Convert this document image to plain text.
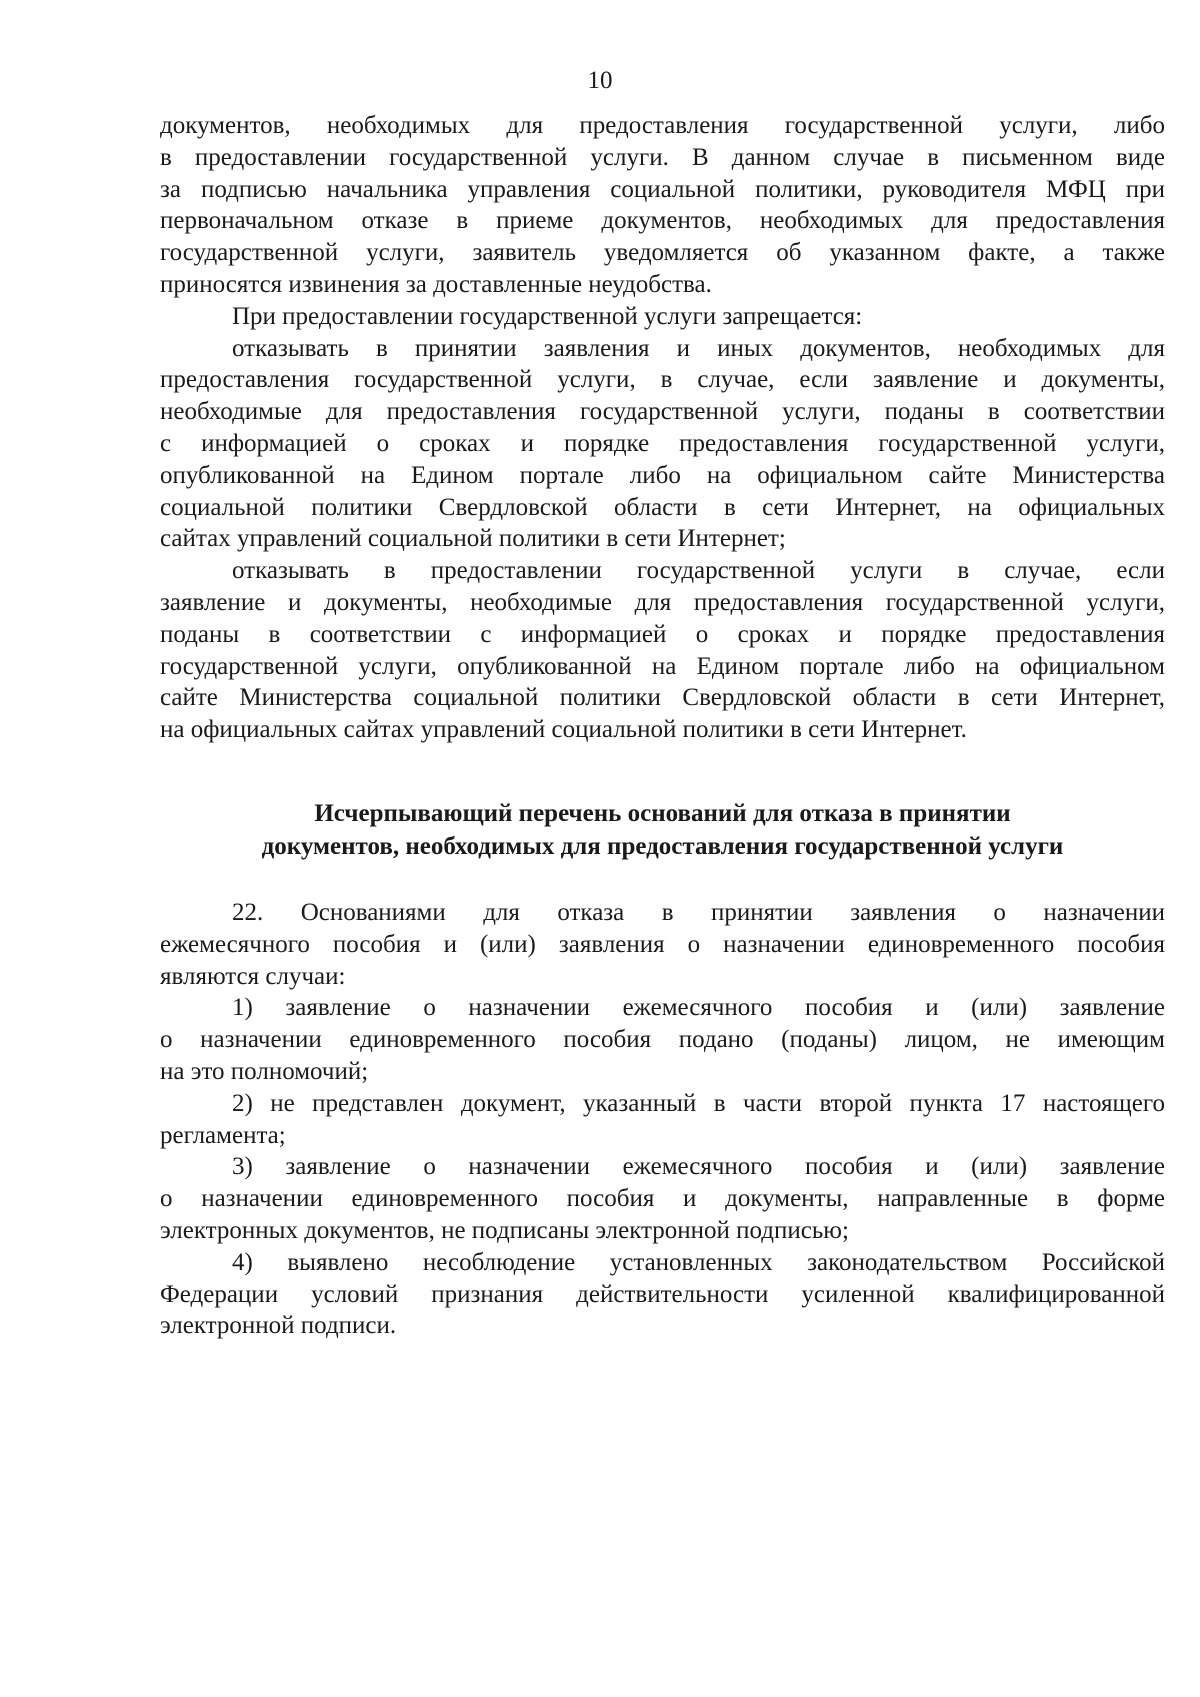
10
документов, необходимых для предоставления государственной услуги, либо
в предоставлении государственной услуги. В данном случае в письменном виде
за подписью начальника управления социальной политики, руководителя МФЦ при
первоначальном отказе в приеме документов, необходимых для предоставления
государственной услуги, заявитель уведомляется об указанном факте, а также
приносятся извинения за доставленные неудобства.
При предоставлении государственной услуги запрещается:
отказывать в принятии заявления и иных документов, необходимых для
предоставления государственной услуги, в случае, если заявление и документы,
необходимые для предоставления государственной услуги, поданы в соответствии
с информацией о сроках и порядке предоставления государственной услуги,
опубликованной на Едином портале либо на официальном сайте Министерства
социальной политики Свердловской области в сети Интернет, на официальных
сайтах управлений социальной политики в сети Интернет;
отказывать в предоставлении государственной услуги в случае, если
заявление и документы, необходимые для предоставления государственной услуги,
поданы в соответствии с информацией о сроках и порядке предоставления
государственной услуги, опубликованной на Едином портале либо на официальном
сайте Министерства социальной политики Свердловской области в сети Интернет,
на официальных сайтах управлений социальной политики в сети Интернет.
Исчерпывающий перечень оснований для отказа в принятии
документов, необходимых для предоставления государственной услуги
22. Основаниями для отказа в принятии заявления о назначении
ежемесячного пособия и (или) заявления о назначении единовременного пособия
являются случаи:
1) заявление о назначении ежемесячного пособия и (или) заявление
о назначении единовременного пособия подано (поданы) лицом, не имеющим
на это полномочий;
2) не представлен документ, указанный в части второй пункта 17 настоящего
регламента;
3) заявление о назначении ежемесячного пособия и (или) заявление
о назначении единовременного пособия и документы, направленные в форме
электронных документов, не подписаны электронной подписью;
4) выявлено несоблюдение установленных законодательством Российской
Федерации условий признания действительности усиленной квалифицированной
электронной подписи.
